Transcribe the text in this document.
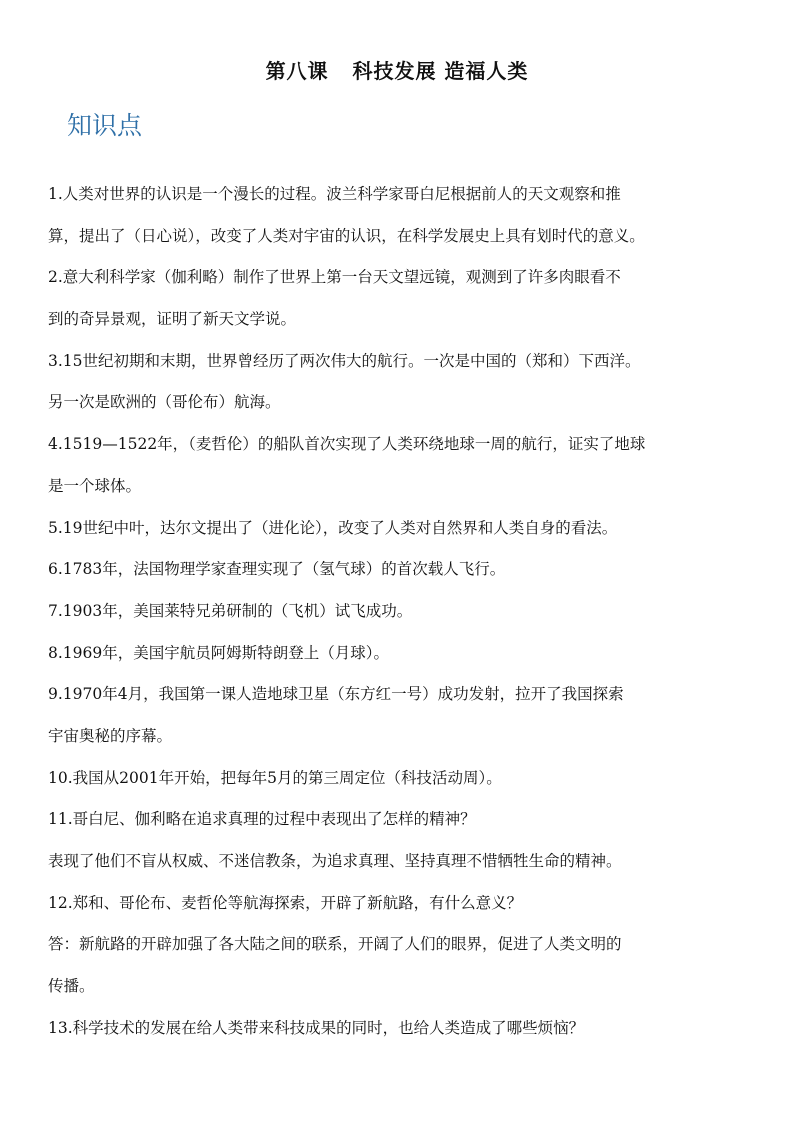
第八课   科技发展 造福人类
知识点
1.人类对世界的认识是一个漫长的过程。波兰科学家哥白尼根据前人的天文观察和推
算，提出了（日心说），改变了人类对宇宙的认识，在科学发展史上具有划时代的意义。
2.意大利科学家（伽利略）制作了世界上第一台天文望远镜，观测到了许多肉眼看不
到的奇异景观，证明了新天文学说。
3.15世纪初期和末期，世界曾经历了两次伟大的航行。一次是中国的（郑和）下西洋。
另一次是欧洲的（哥伦布）航海。
4.1519—1522年，（麦哲伦）的船队首次实现了人类环绕地球一周的航行，证实了地球
是一个球体。
5.19世纪中叶，达尔文提出了（进化论），改变了人类对自然界和人类自身的看法。
6.1783年，法国物理学家查理实现了（氢气球）的首次载人飞行。
7.1903年，美国莱特兄弟研制的（飞机）试飞成功。
8.1969年，美国宇航员阿姆斯特朗登上（月球）。
9.1970年4月，我国第一课人造地球卫星（东方红一号）成功发射，拉开了我国探索
宇宙奥秘的序幕。
10.我国从2001年开始，把每年5月的第三周定位（科技活动周）。
11.哥白尼、伽利略在追求真理的过程中表现出了怎样的精神？
表现了他们不盲从权威、不迷信教条，为追求真理、坚持真理不惜牺牲生命的精神。
12.郑和、哥伦布、麦哲伦等航海探索，开辟了新航路，有什么意义？
答：新航路的开辟加强了各大陆之间的联系，开阔了人们的眼界，促进了人类文明的
传播。
13.科学技术的发展在给人类带来科技成果的同时，也给人类造成了哪些烦恼？
